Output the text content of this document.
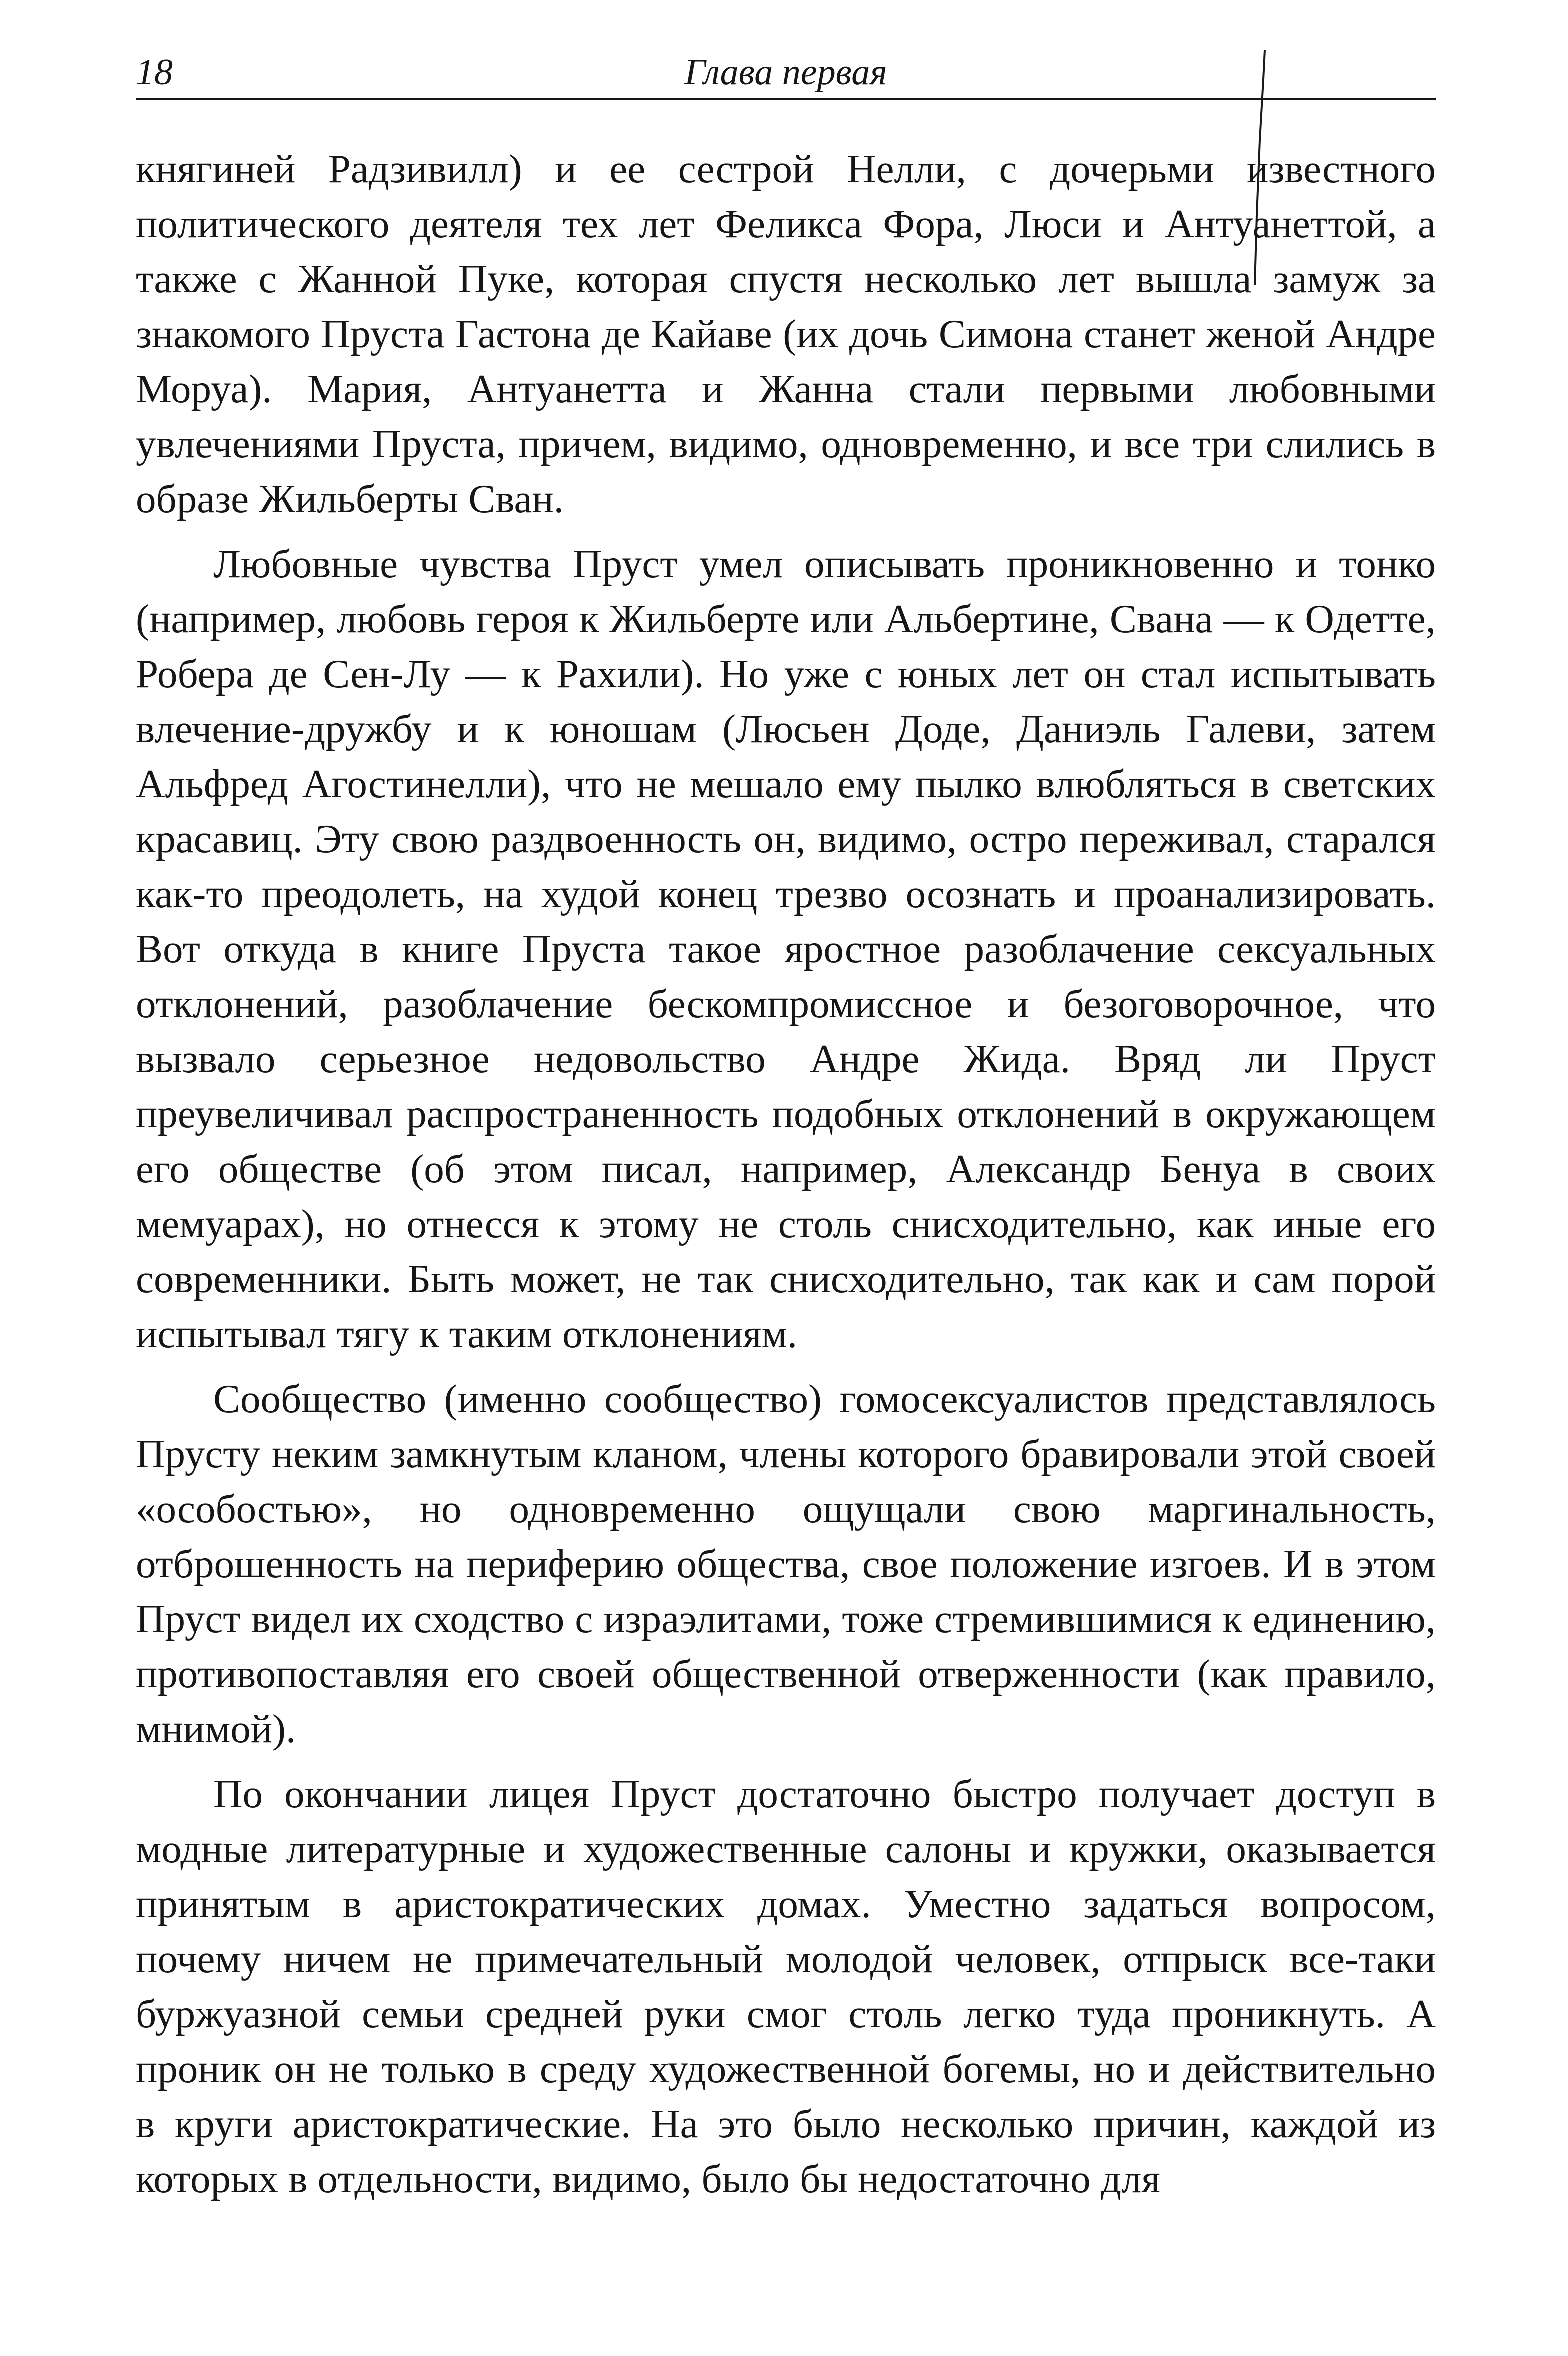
18	Глава первая

княгиней Радзивилл) и ее сестрой Нелли, с дочерьми известного политического деятеля тех лет Феликса Фора, Люси и Антуанеттой, а также с Жанной Пуке, которая спустя несколько лет вышла замуж за знакомого Пруста Гастона де Кайаве (их дочь Симона станет женой Андре Моруа). Мария, Антуанетта и Жанна стали первыми любовными увлечениями Пруста, причем, видимо, одновременно, и все три слились в образе Жильберты Сван.

Любовные чувства Пруст умел описывать проникновенно и тонко (например, любовь героя к Жильберте или Альбертине, Свана — к Одетте, Робера де Сен-Лу — к Рахили). Но уже с юных лет он стал испытывать влечение-дружбу и к юношам (Люсьен Доде, Даниэль Галеви, затем Альфред Агостинелли), что не мешало ему пылко влюбляться в светских красавиц. Эту свою раздвоенность он, видимо, остро переживал, старался как-то преодолеть, на худой конец трезво осознать и проанализировать. Вот откуда в книге Пруста такое яростное разоблачение сексуальных отклонений, разоблачение бескомпромиссное и безоговорочное, что вызвало серьезное недовольство Андре Жида. Вряд ли Пруст преувеличивал распространенность подобных отклонений в окружающем его обществе (об этом писал, например, Александр Бенуа в своих мемуарах), но отнесся к этому не столь снисходительно, как иные его современники. Быть может, не так снисходительно, так как и сам порой испытывал тягу к таким отклонениям.

Сообщество (именно сообщество) гомосексуалистов представлялось Прусту неким замкнутым кланом, члены которого бравировали этой своей «особостью», но одновременно ощущали свою маргинальность, отброшенность на периферию общества, свое положение изгоев. И в этом Пруст видел их сходство с израэлитами, тоже стремившимися к единению, противопоставляя его своей общественной отверженности (как правило, мнимой).

По окончании лицея Пруст достаточно быстро получает доступ в модные литературные и художественные салоны и кружки, оказывается принятым в аристократических домах. Уместно задаться вопросом, почему ничем не примечательный молодой человек, отпрыск все-таки буржуазной семьи средней руки смог столь легко туда проникнуть. А проник он не только в среду художественной богемы, но и действительно в круги аристократические. На это было несколько причин, каждой из которых в отдельности, видимо, было бы недостаточно для
